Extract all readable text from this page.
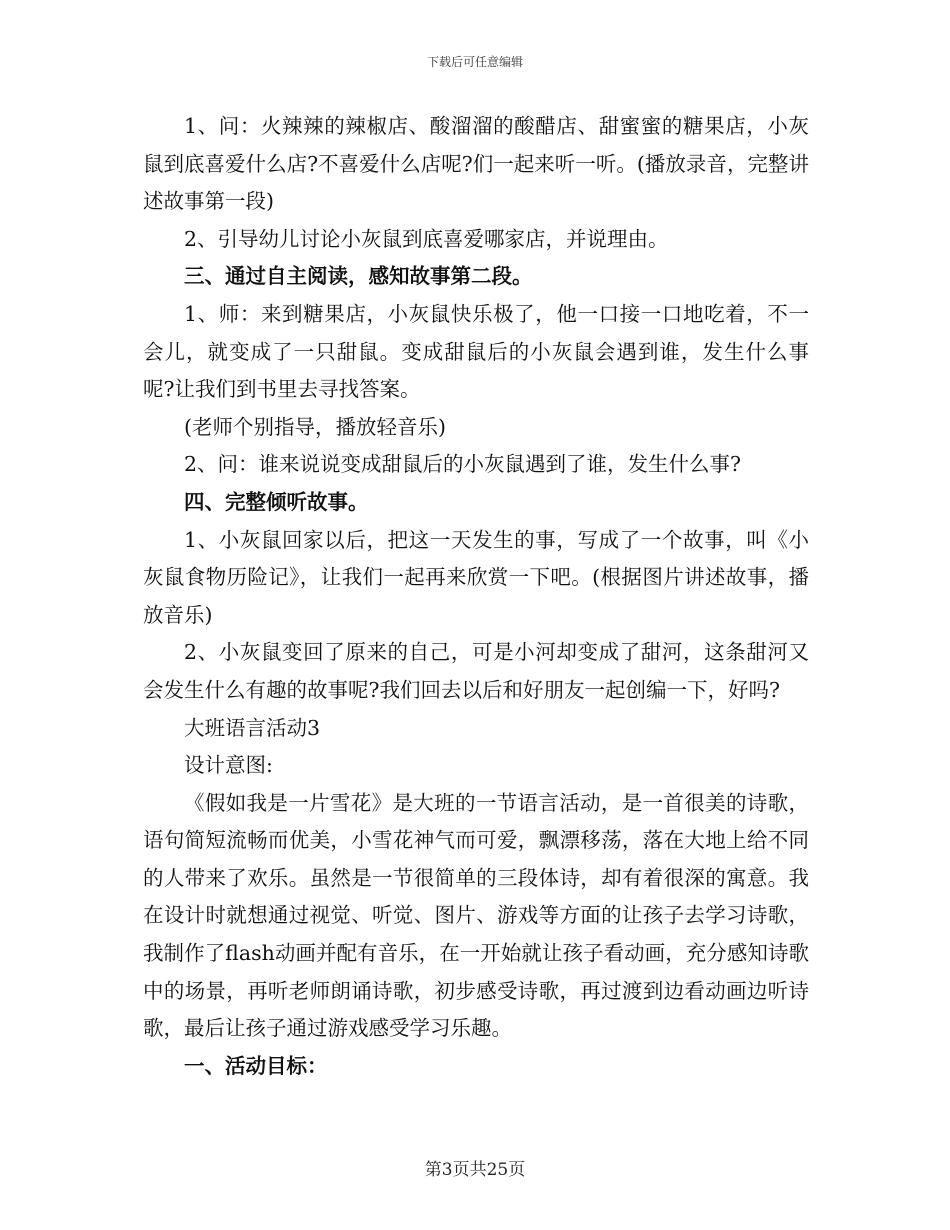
下载后可任意编辑

1、问：火辣辣的辣椒店、酸溜溜的酸醋店、甜蜜蜜的糖果店，小灰鼠到底喜爱什么店?不喜爱什么店呢?们一起来听一听。(播放录音，完整讲述故事第一段)

2、引导幼儿讨论小灰鼠到底喜爱哪家店，并说理由。

三、通过自主阅读，感知故事第二段。

1、师：来到糖果店，小灰鼠快乐极了，他一口接一口地吃着，不一会儿，就变成了一只甜鼠。变成甜鼠后的小灰鼠会遇到谁，发生什么事呢?让我们到书里去寻找答案。

(老师个别指导，播放轻音乐)

2、问：谁来说说变成甜鼠后的小灰鼠遇到了谁，发生什么事?

四、完整倾听故事。

1、小灰鼠回家以后，把这一天发生的事，写成了一个故事，叫《小灰鼠食物历险记》，让我们一起再来欣赏一下吧。(根据图片讲述故事，播放音乐)

2、小灰鼠变回了原来的自己，可是小河却变成了甜河，这条甜河又会发生什么有趣的故事呢?我们回去以后和好朋友一起创编一下，好吗?

大班语言活动3

设计意图:

《假如我是一片雪花》是大班的一节语言活动，是一首很美的诗歌，语句简短流畅而优美，小雪花神气而可爱，飘漂移荡，落在大地上给不同的人带来了欢乐。虽然是一节很简单的三段体诗，却有着很深的寓意。我在设计时就想通过视觉、听觉、图片、游戏等方面的让孩子去学习诗歌，我制作了flash动画并配有音乐，在一开始就让孩子看动画，充分感知诗歌中的场景，再听老师朗诵诗歌，初步感受诗歌，再过渡到边看动画边听诗歌，最后让孩子通过游戏感受学习乐趣。

一、活动目标：

第3页共25页
